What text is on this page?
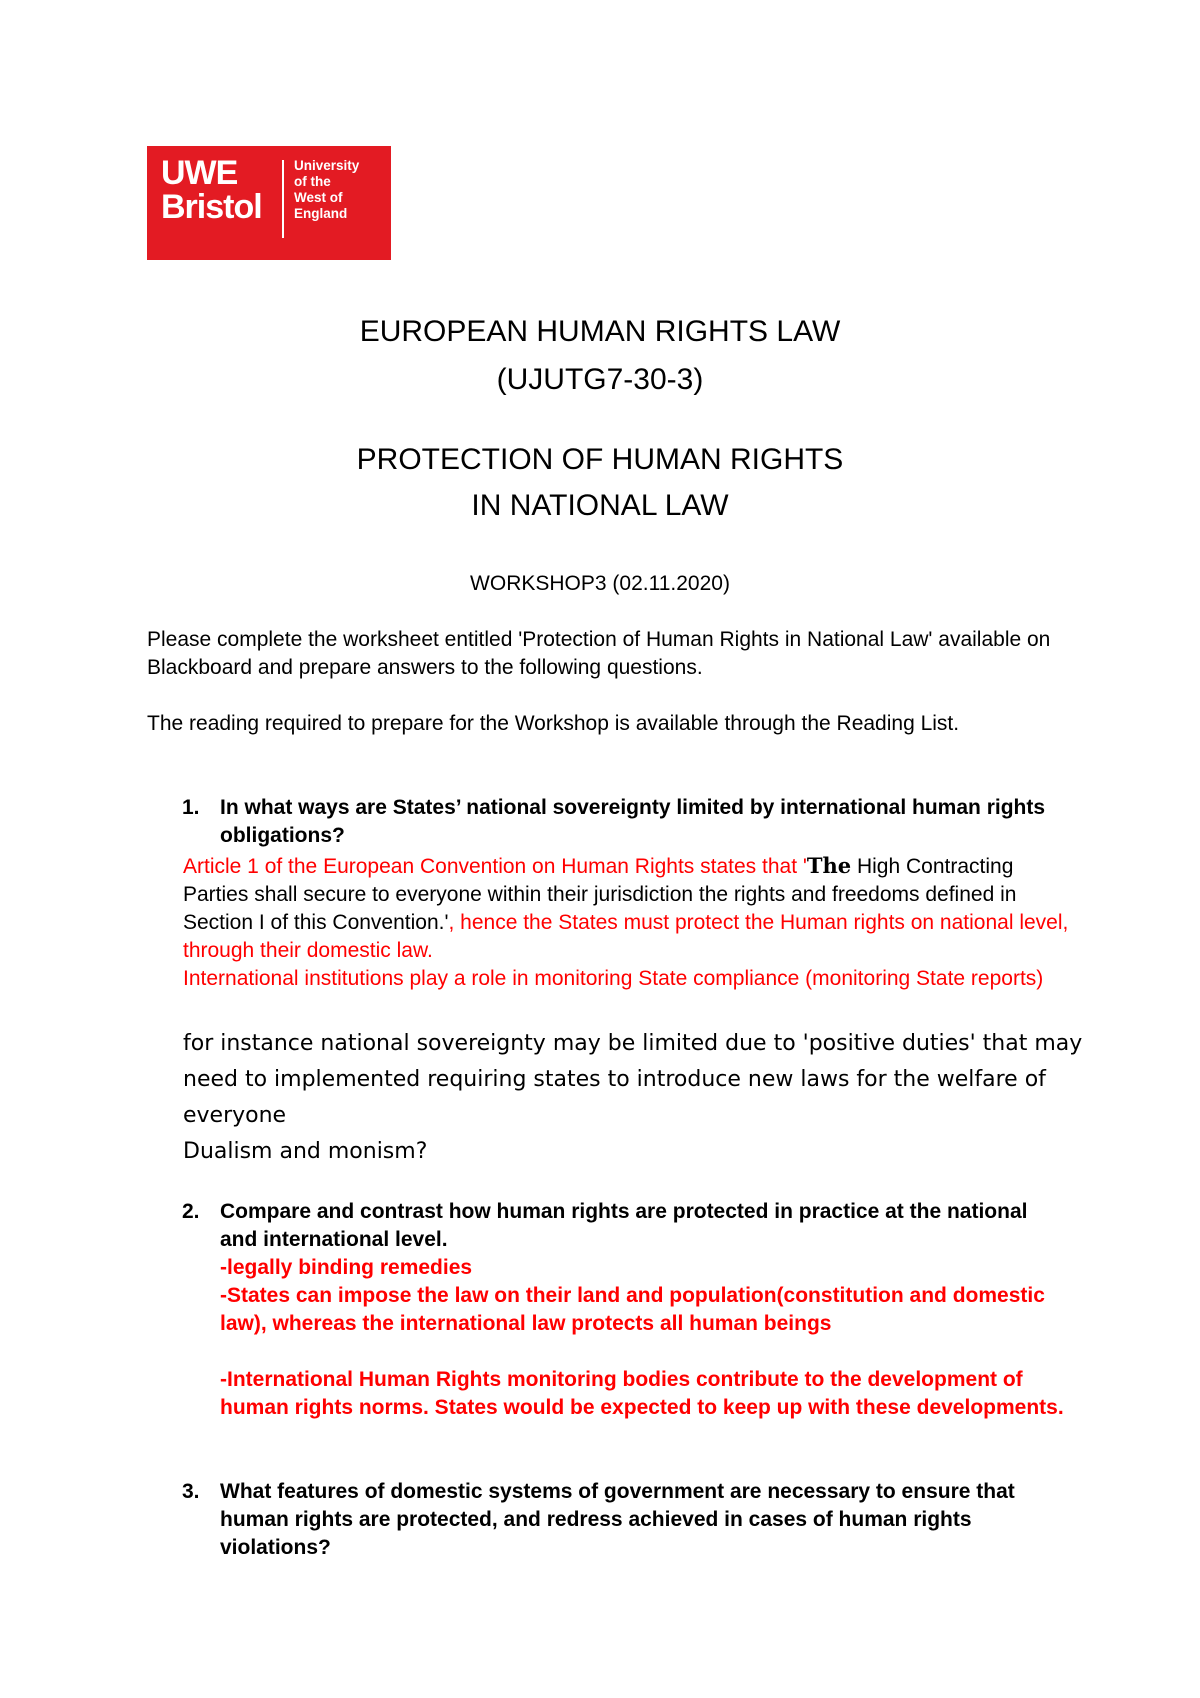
UWE
Bristol
University
of the
West of
England
EUROPEAN HUMAN RIGHTS LAW
(UJUTG7-30-3)
PROTECTION OF HUMAN RIGHTS
IN NATIONAL LAW
WORKSHOP3 (02.11.2020)

Please complete the worksheet entitled 'Protection of Human Rights in National Law' available on Blackboard and prepare answers to the following questions.

The reading required to prepare for the Workshop is available through the Reading List.

1. In what ways are States’ national sovereignty limited by international human rights obligations?

Article 1 of the European Convention on Human Rights states that 'The High Contracting Parties shall secure to everyone within their jurisdiction the rights and freedoms defined in Section I of this Convention.', hence the States must protect the Human rights on national level, through their domestic law.
International institutions play a role in monitoring State compliance (monitoring State reports)

for instance national sovereignty may be limited due to 'positive duties' that may need to implemented requiring states to introduce new laws for the welfare of everyone

Dualism and monism?

2. Compare and contrast how human rights are protected in practice at the national and international level.

-legally binding remedies

-States can impose the law on their land and population(constitution and domestic law), whereas the international law protects all human beings

-International Human Rights monitoring bodies contribute to the development of human rights norms. States would be expected to keep up with these developments.

3. What features of domestic systems of government are necessary to ensure that human rights are protected, and redress achieved in cases of human rights violations?
